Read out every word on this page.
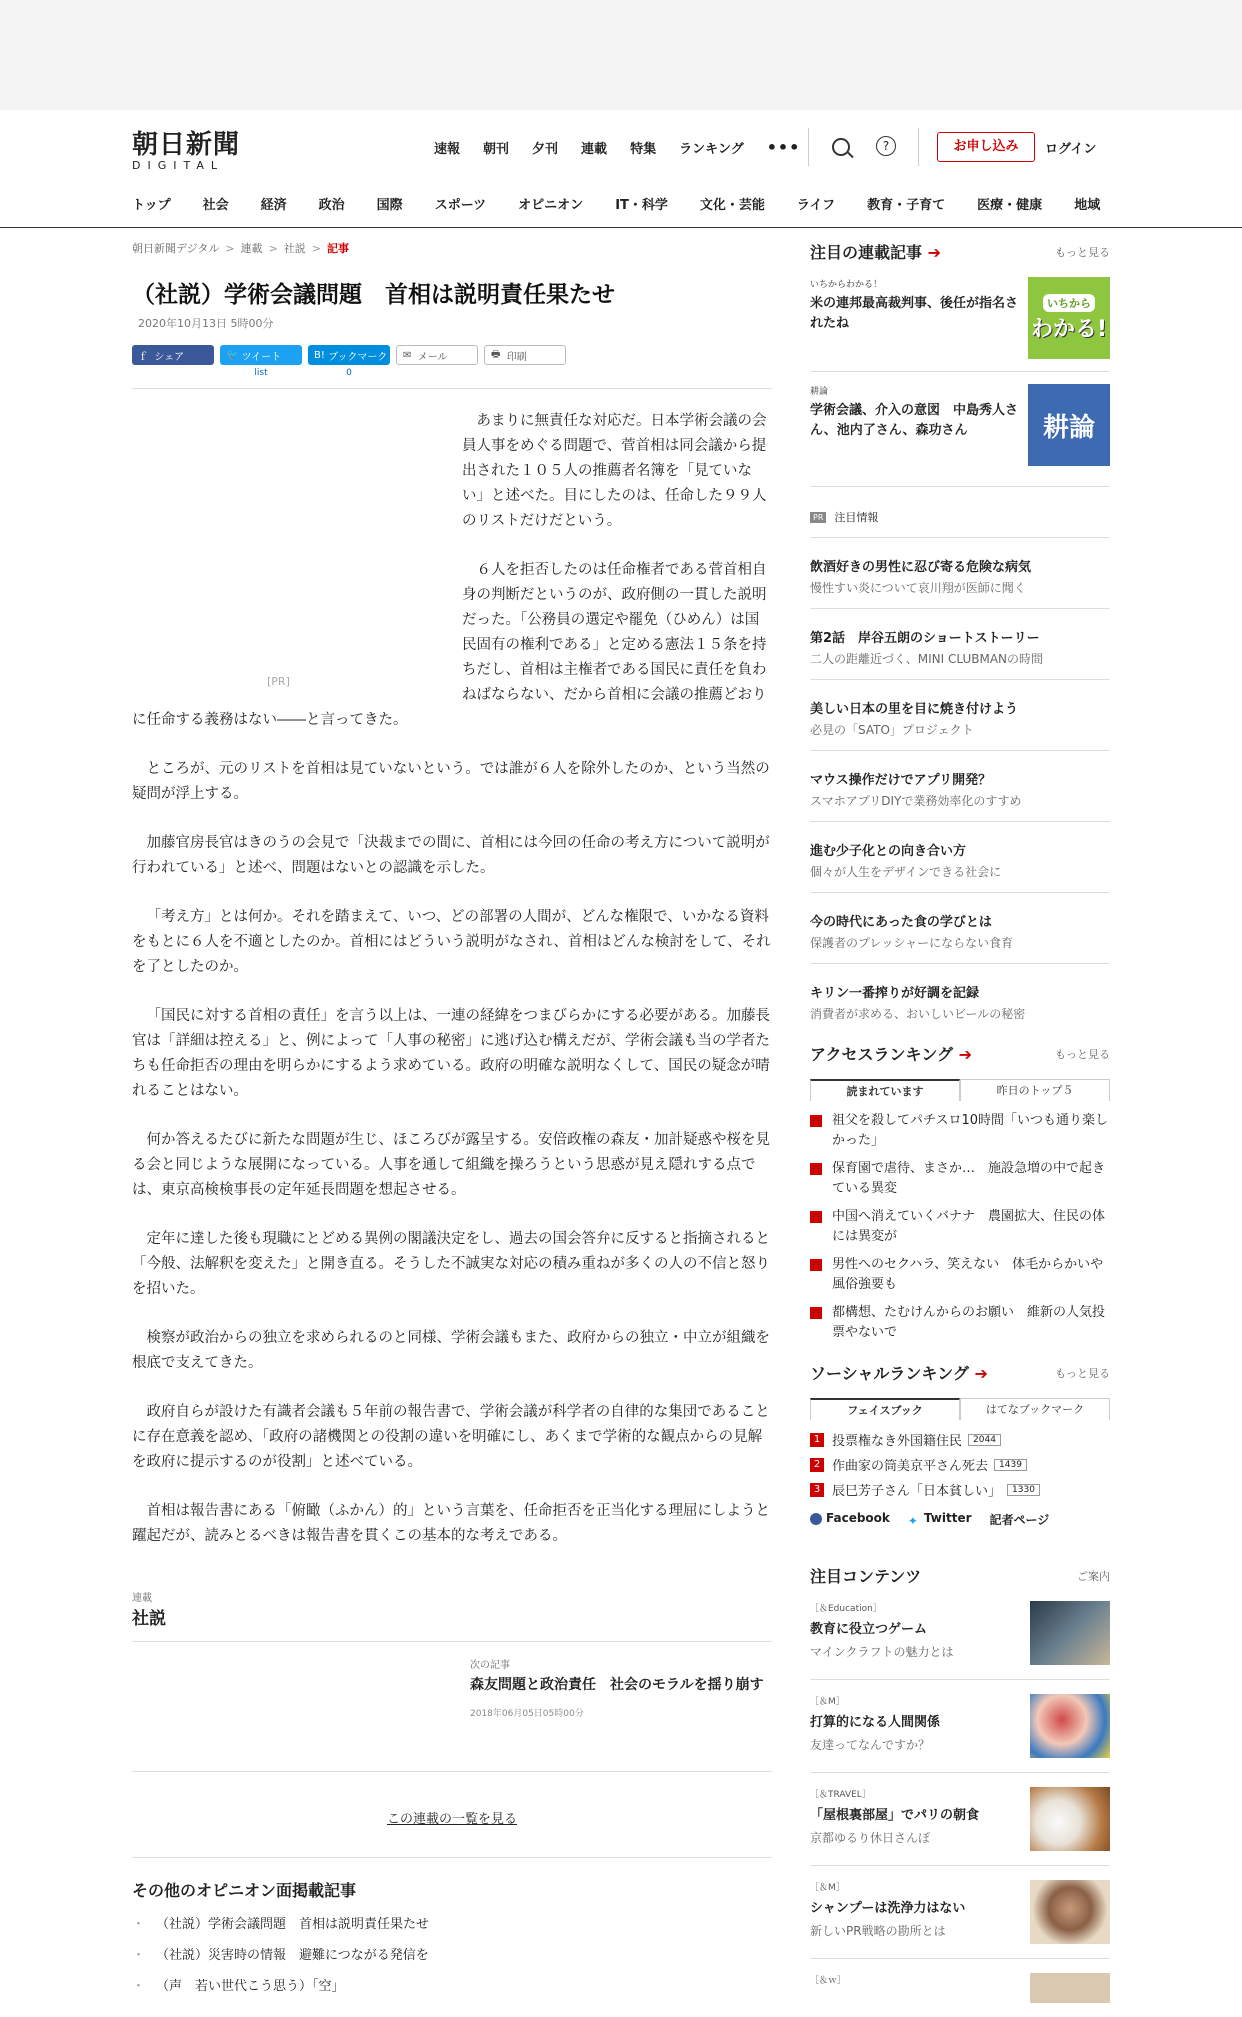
朝日新聞
DIGITAL
速報 朝刊 夕刊 連載 特集 ランキング •••	?	お申し込み	ログイン
トップ 社会 経済 政治 国際 スポーツ オピニオン IT・科学 文化・芸能 ライフ 教育・子育て 医療・健康 地域
朝日新聞デジタル > 連載 > 社説 > 記事
（社説）学術会議問題　首相は説明責任果たせ
2020年10月13日 5時00分
ｆ シェア	🐦 ツイート	B! ブックマーク	✉ メール	🖶 印刷
list	0
[PR]

あまりに無責任な対応だ。日本学術会議の会員人事をめぐる問題で、菅首相は同会議から提出された１０５人の推薦者名簿を「見ていない」と述べた。目にしたのは、任命した９９人のリストだけだという。

６人を拒否したのは任命権者である菅首相自身の判断だというのが、政府側の一貫した説明だった。「公務員の選定や罷免（ひめん）は国民固有の権利である」と定める憲法１５条を持ちだし、首相は主権者である国民に責任を負わねばならない、だから首相に会議の推薦どおりに任命する義務はない――と言ってきた。

ところが、元のリストを首相は見ていないという。では誰が６人を除外したのか、という当然の疑問が浮上する。

加藤官房長官はきのうの会見で「決裁までの間に、首相には今回の任命の考え方について説明が行われている」と述べ、問題はないとの認識を示した。

「考え方」とは何か。それを踏まえて、いつ、どの部署の人間が、どんな権限で、いかなる資料をもとに６人を不適としたのか。首相にはどういう説明がなされ、首相はどんな検討をして、それを了としたのか。

「国民に対する首相の責任」を言う以上は、一連の経緯をつまびらかにする必要がある。加藤長官は「詳細は控える」と、例によって「人事の秘密」に逃げ込む構えだが、学術会議も当の学者たちも任命拒否の理由を明らかにするよう求めている。政府の明確な説明なくして、国民の疑念が晴れることはない。

何か答えるたびに新たな問題が生じ、ほころびが露呈する。安倍政権の森友・加計疑惑や桜を見る会と同じような展開になっている。人事を通して組織を操ろうという思惑が見え隠れする点では、東京高検検事長の定年延長問題を想起させる。

定年に達した後も現職にとどめる異例の閣議決定をし、過去の国会答弁に反すると指摘されると「今般、法解釈を変えた」と開き直る。そうした不誠実な対応の積み重ねが多くの人の不信と怒りを招いた。

検察が政治からの独立を求められるのと同様、学術会議もまた、政府からの独立・中立が組織を根底で支えてきた。

政府自らが設けた有識者会議も５年前の報告書で、学術会議が科学者の自律的な集団であることに存在意義を認め、「政府の諸機関との役割の違いを明確にし、あくまで学術的な観点からの見解を政府に提示するのが役割」と述べている。

首相は報告書にある「俯瞰（ふかん）的」という言葉を、任命拒否を正当化する理屈にしようと躍起だが、読みとるべきは報告書を貫くこの基本的な考えである。

連載
社説
次の記事
森友問題と政治責任　社会のモラルを揺り崩す
2018年06月05日05時00分
この連載の一覧を見る
その他のオピニオン面掲載記事
・ （社説）学術会議問題　首相は説明責任果たせ
・ （社説）災害時の情報　避難につながる発信を
・ （声　若い世代こう思う）「空」
注目の連載記事 ➔	もっと見る
いちからわかる！
米の連邦最高裁判事、後任が指名されたね
いちから
わかる!
耕論
学術会議、介入の意図　中島秀人さん、池内了さん、森功さん	耕論
PR 注目情報
飲酒好きの男性に忍び寄る危険な病気
慢性すい炎について哀川翔が医師に聞く
第2話　岸谷五朗のショートストーリー
二人の距離近づく、MINI CLUBMANの時間
美しい日本の里を目に焼き付けよう
必見の「SATO」プロジェクト
マウス操作だけでアプリ開発？
スマホアプリDIYで業務効率化のすすめ
進む少子化との向き合い方
個々が人生をデザインできる社会に
今の時代にあった食の学びとは
保護者のプレッシャーにならない食育
キリン一番搾りが好調を記録
消費者が求める、おいしいビールの秘密
アクセスランキング ➔	もっと見る
読まれています	昨日のトップ５
祖父を殺してパチスロ10時間「いつも通り楽しかった」
保育園で虐待、まさか…　施設急増の中で起きている異変
中国へ消えていくバナナ　農園拡大、住民の体には異変が
男性へのセクハラ、笑えない　体毛からかいや風俗強要も
都構想、たむけんからのお願い　維新の人気投票やないで
ソーシャルランキング ➔	もっと見る
フェイスブック	はてなブックマーク
1 投票権なき外国籍住民	2044
2 作曲家の筒美京平さん死去	1439
3 辰巳芳子さん「日本貧しい」	1330
Facebook ✦ Twitter 記者ページ
注目コンテンツ	ご案内
［＆Education］
教育に役立つゲーム
マインクラフトの魅力とは
［＆M］
打算的になる人間関係
友達ってなんですか？
［＆TRAVEL］
「屋根裏部屋」でパリの朝食
京都ゆるり休日さんぽ
［＆M］
シャンプーは洗浄力はない
新しいPR戦略の勘所とは
［＆ｗ］
